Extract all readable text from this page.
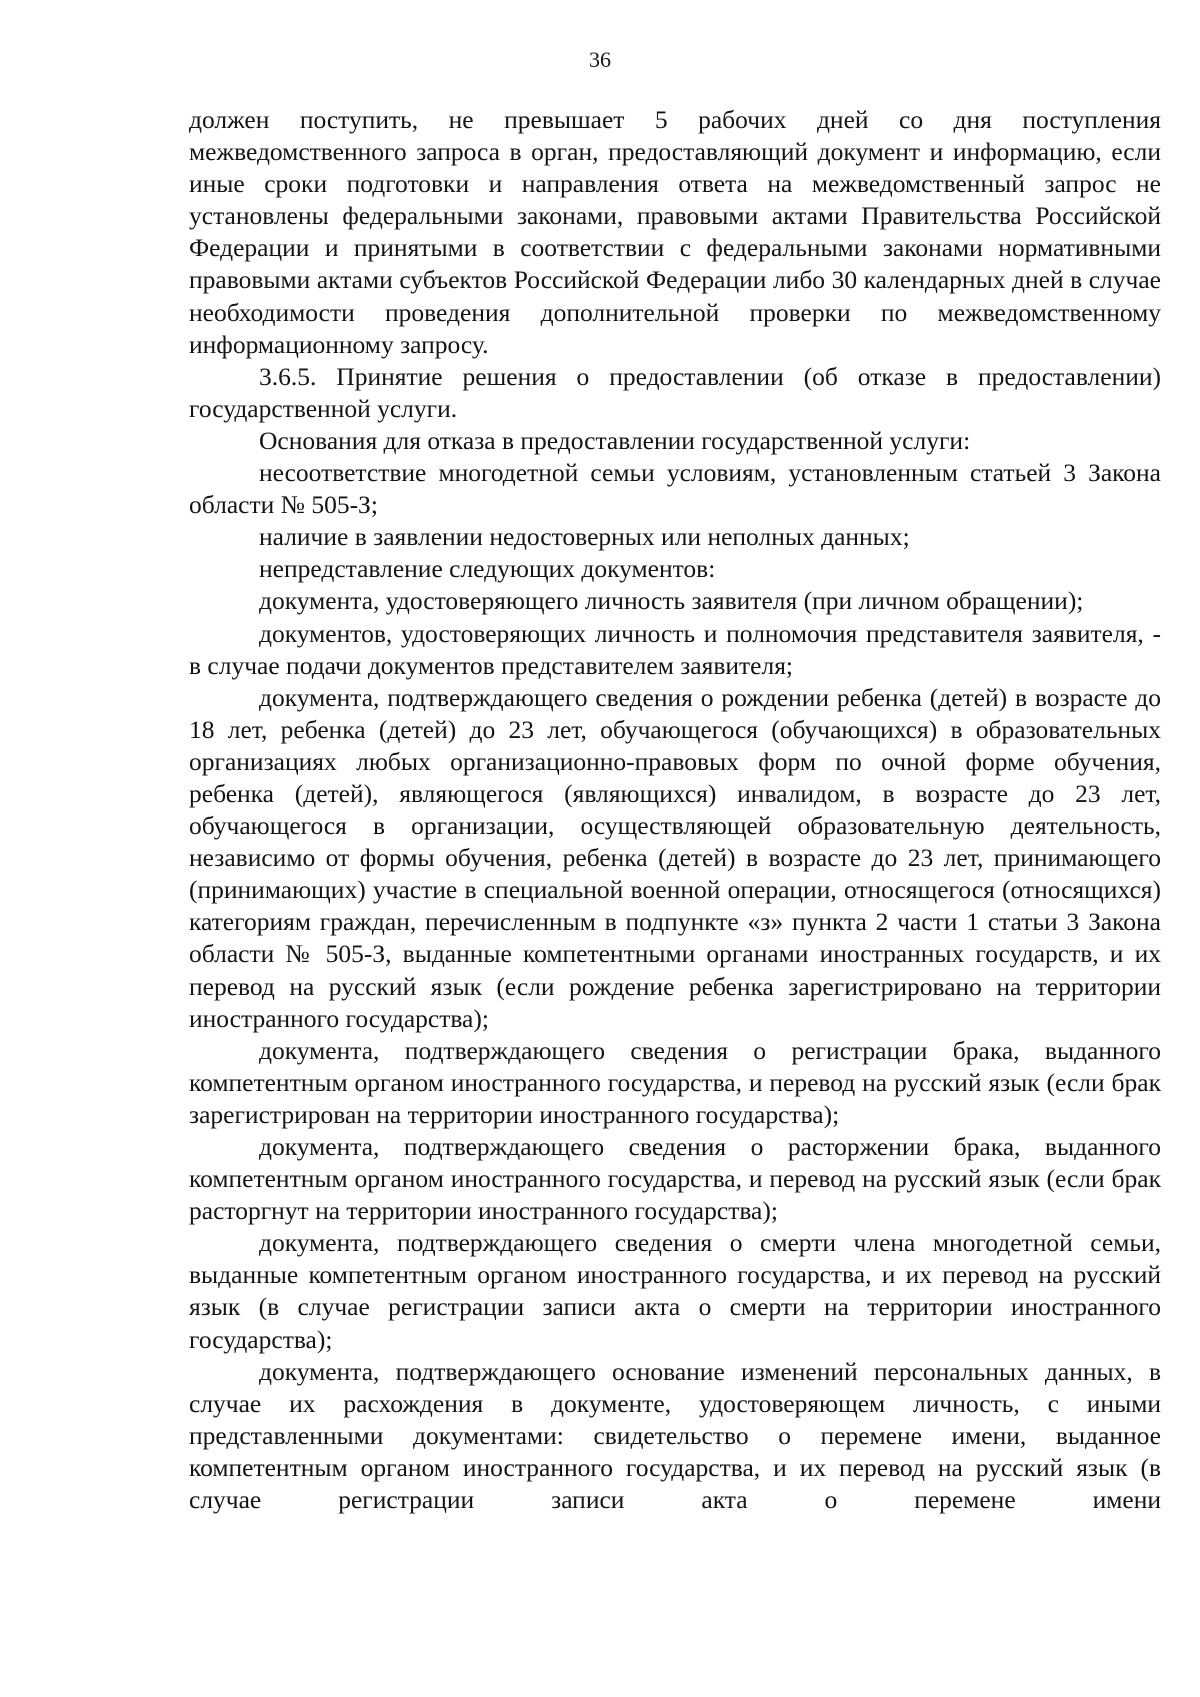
36

должен поступить, не превышает 5 рабочих дней со дня поступления межведомственного запроса в орган, предоставляющий документ и информацию, если иные сроки подготовки и направления ответа на межведомственный запрос не установлены федеральными законами, правовыми актами Правительства Российской Федерации и принятыми в соответствии с федеральными законами нормативными правовыми актами субъектов Российской Федерации либо 30 календарных дней в случае необходимости проведения дополнительной проверки по межведомственному информационному запросу.

3.6.5. Принятие решения о предоставлении (об отказе в предоставлении) государственной услуги.

Основания для отказа в предоставлении государственной услуги:

несоответствие многодетной семьи условиям, установленным статьей 3 Закона области № 505-З;

наличие в заявлении недостоверных или неполных данных;

непредставление следующих документов:

документа, удостоверяющего личность заявителя (при личном обращении);

документов, удостоверяющих личность и полномочия представителя заявителя, - в случае подачи документов представителем заявителя;

документа, подтверждающего сведения о рождении ребенка (детей) в возрасте до 18 лет, ребенка (детей) до 23 лет, обучающегося (обучающихся) в образовательных организациях любых организационно-правовых форм по очной форме обучения, ребенка (детей), являющегося (являющихся) инвалидом, в возрасте до 23 лет, обучающегося в организации, осуществляющей образовательную деятельность, независимо от формы обучения, ребенка (детей) в возрасте до 23 лет, принимающего (принимающих) участие в специальной военной операции, относящегося (относящихся) категориям граждан, перечисленным в подпункте «з» пункта 2 части 1 статьи 3 Закона области № 505-З, выданные компетентными органами иностранных государств, и их перевод на русский язык (если рождение ребенка зарегистрировано на территории иностранного государства);

документа, подтверждающего сведения о регистрации брака, выданного компетентным органом иностранного государства, и перевод на русский язык (если брак зарегистрирован на территории иностранного государства);

документа, подтверждающего сведения о расторжении брака, выданного компетентным органом иностранного государства, и перевод на русский язык (если брак расторгнут на территории иностранного государства);

документа, подтверждающего сведения о смерти члена многодетной семьи, выданные компетентным органом иностранного государства, и их перевод на русский язык (в случае регистрации записи акта о смерти на территории иностранного государства);

документа, подтверждающего основание изменений персональных данных, в случае их расхождения в документе, удостоверяющем личность, с иными представленными документами: свидетельство о перемене имени, выданное компетентным органом иностранного государства, и их перевод на русский язык (в случае регистрации записи акта о перемене имени
